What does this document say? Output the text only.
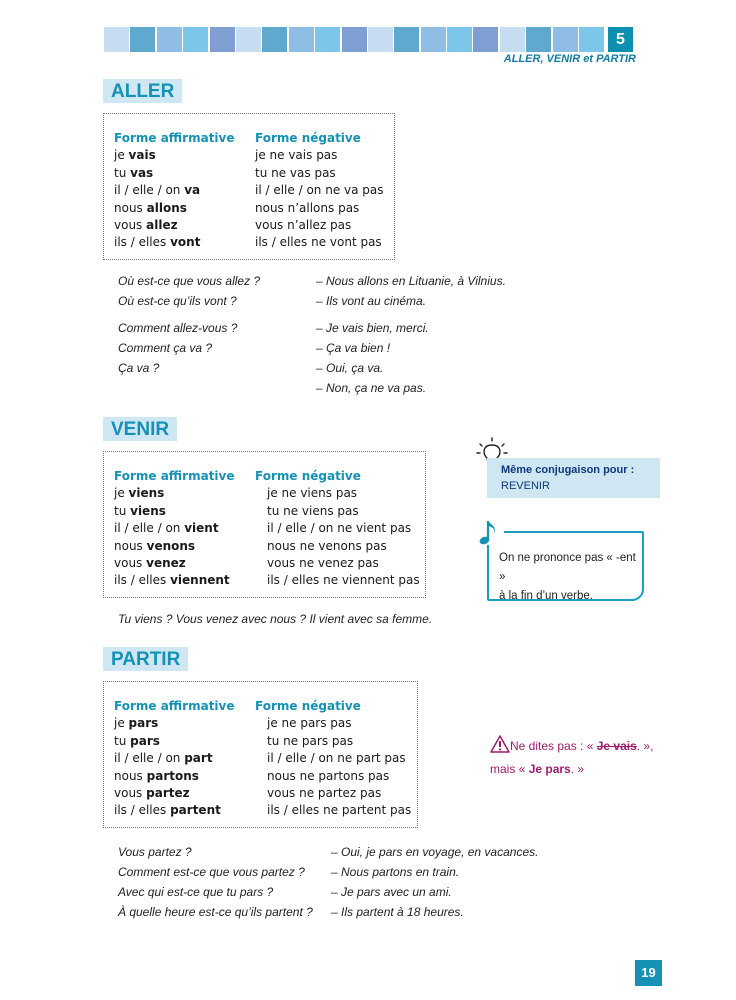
5
ALLER, VENIR et PARTIR
ALLER
Forme affirmative
je vais
tu vas
il / elle / on va
nous allons
vous allez
ils / elles vont
Forme négative
je ne vais pas
tu ne vas pas
il / elle / on ne va pas
nous n’allons pas
vous n’allez pas
ils / elles ne vont pas
Où est-ce que vous allez ?
Où est-ce qu’ils vont ?
Comment allez-vous ?
Comment ça va ?
Ça va ?
– Nous allons en Lituanie, à Vilnius.
– Ils vont au cinéma.
– Je vais bien, merci.
– Ça va bien !
– Oui, ça va.
– Non, ça ne va pas.
VENIR
Forme affirmative
je viens
tu viens
il / elle / on vient
nous venons
vous venez
ils / elles viennent
Forme négative
je ne viens pas
tu ne viens pas
il / elle / on ne vient pas
nous ne venons pas
vous ne venez pas
ils / elles ne viennent pas
Tu viens ? Vous venez avec nous ? Il vient avec sa femme.
Même conjugaison pour :
REVENIR
On ne prononce pas « -ent »
à la fin d’un verbe.
PARTIR
Forme affirmative
je pars
tu pars
il / elle / on part
nous partons
vous partez
ils / elles partent
Forme négative
je ne pars pas
tu ne pars pas
il / elle / on ne part pas
nous ne partons pas
vous ne partez pas
ils / elles ne partent pas
Ne dites pas : « Je vais. »,
mais « Je pars. »
Vous partez ?
Comment est-ce que vous partez ?
Avec qui est-ce que tu pars ?
À quelle heure est-ce qu’ils partent ?
– Oui, je pars en voyage, en vacances.
– Nous partons en train.
– Je pars avec un ami.
– Ils partent à 18 heures.
19
